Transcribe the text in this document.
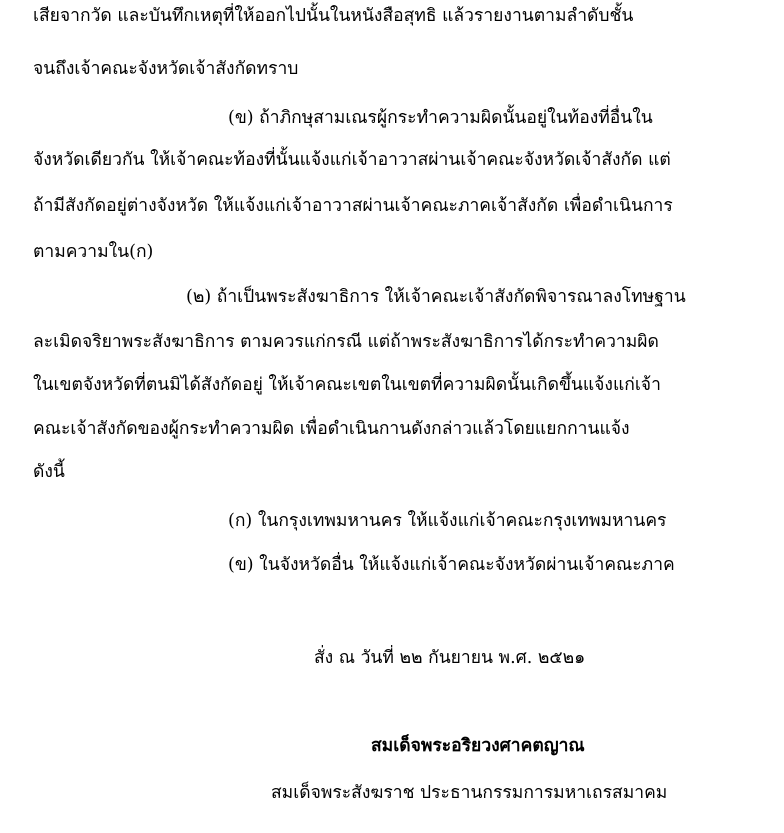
เสียจากวัด และบันทึกเหตุที่ให้ออกไปนั้นในหนังสือสุทธิ แล้วรายงานตามลำดับชั้น
จนถึงเจ้าคณะจังหวัดเจ้าสังกัดทราบ
(ข) ถ้าภิกษุสามเณรผู้กระทำความผิดนั้นอยู่ในท้องที่อื่นใน
จังหวัดเดียวกัน ให้เจ้าคณะท้องที่นั้นแจ้งแก่เจ้าอาวาสผ่านเจ้าคณะจังหวัดเจ้าสังกัด แต่
ถ้ามีสังกัดอยู่ต่างจังหวัด ให้แจ้งแก่เจ้าอาวาสผ่านเจ้าคณะภาคเจ้าสังกัด เพื่อดำเนินการ
ตามความใน(ก)
(๒) ถ้าเป็นพระสังฆาธิการ ให้เจ้าคณะเจ้าสังกัดพิจารณาลงโทษฐาน
ละเมิดจริยาพระสังฆาธิการ ตามควรแก่กรณี แต่ถ้าพระสังฆาธิการได้กระทำความผิด
ในเขตจังหวัดที่ตนมิได้สังกัดอยู่ ให้เจ้าคณะเขตในเขตที่ความผิดนั้นเกิดขึ้นแจ้งแก่เจ้า
คณะเจ้าสังกัดของผู้กระทำความผิด เพื่อดำเนินกานดังกล่าวแล้วโดยแยกกานแจ้ง
ดังนี้
(ก) ในกรุงเทพมหานคร ให้แจ้งแก่เจ้าคณะกรุงเทพมหานคร
(ข) ในจังหวัดอื่น ให้แจ้งแก่เจ้าคณะจังหวัดผ่านเจ้าคณะภาค
สั่ง ณ วันที่ ๒๒ กันยายน พ.ศ. ๒๕๒๑
สมเด็จพระอริยวงศาคตญาณ
สมเด็จพระสังฆราช ประธานกรรมการมหาเถรสมาคม
